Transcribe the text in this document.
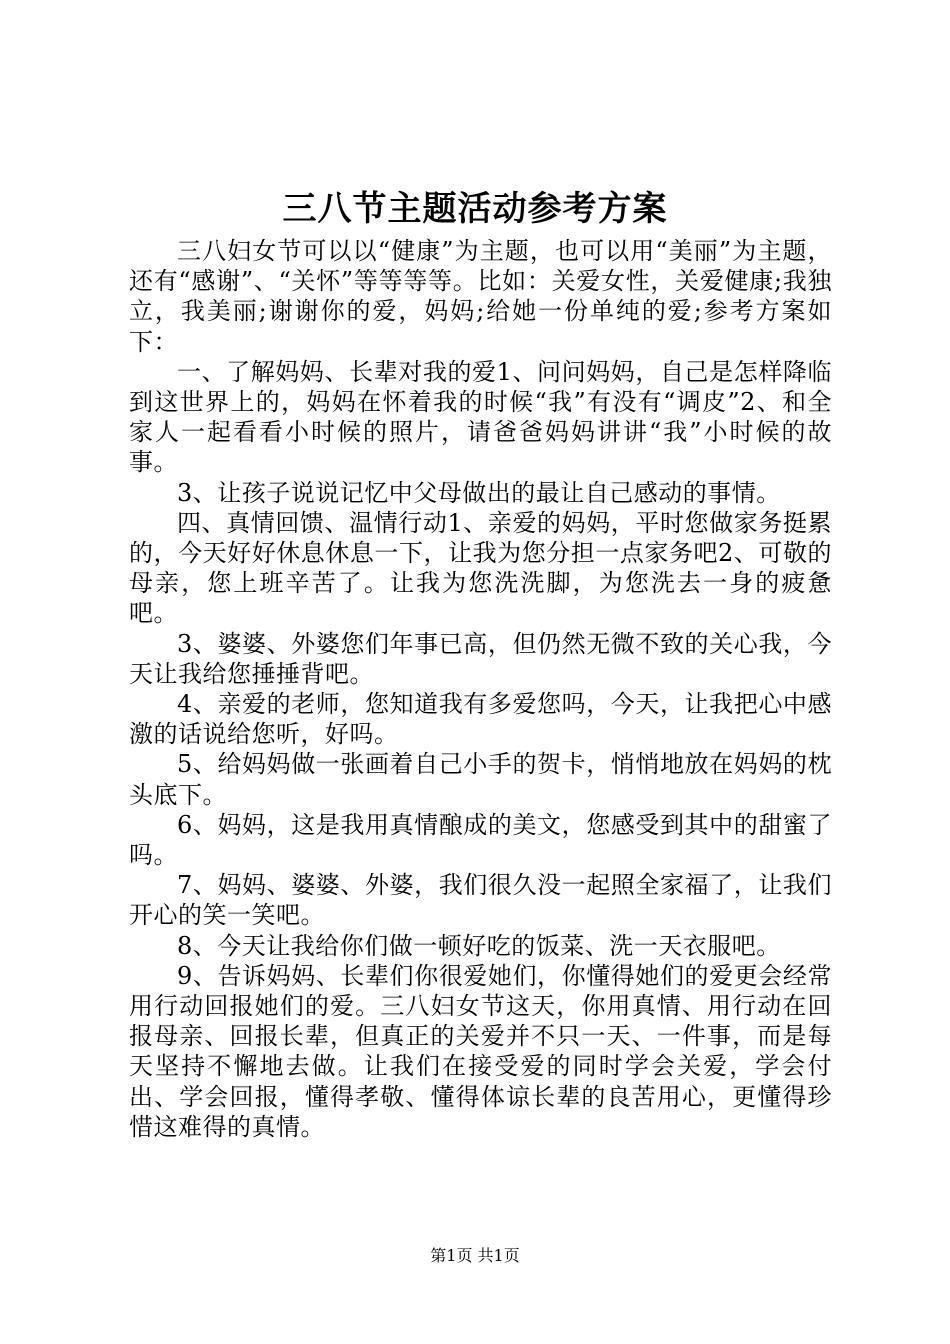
三八节主题活动参考方案

三八妇女节可以以“健康”为主题，也可以用“美丽”为主题，还有“感谢”、“关怀”等等等等。比如：关爱女性，关爱健康;我独立，我美丽;谢谢你的爱，妈妈;给她一份单纯的爱;参考方案如下：

一、了解妈妈、长辈对我的爱1、问问妈妈，自己是怎样降临到这世界上的，妈妈在怀着我的时候“我”有没有“调皮”2、和全家人一起看看小时候的照片，请爸爸妈妈讲讲“我”小时候的故事。

3、让孩子说说记忆中父母做出的最让自己感动的事情。

四、真情回馈、温情行动1、亲爱的妈妈，平时您做家务挺累的，今天好好休息休息一下，让我为您分担一点家务吧2、可敬的母亲，您上班辛苦了。让我为您洗洗脚，为您洗去一身的疲惫吧。

3、婆婆、外婆您们年事已高，但仍然无微不致的关心我，今天让我给您捶捶背吧。

4、亲爱的老师，您知道我有多爱您吗，今天，让我把心中感激的话说给您听，好吗。

5、给妈妈做一张画着自己小手的贺卡，悄悄地放在妈妈的枕头底下。

6、妈妈，这是我用真情酿成的美文，您感受到其中的甜蜜了吗。

7、妈妈、婆婆、外婆，我们很久没一起照全家福了，让我们开心的笑一笑吧。

8、今天让我给你们做一顿好吃的饭菜、洗一天衣服吧。

9、告诉妈妈、长辈们你很爱她们，你懂得她们的爱更会经常用行动回报她们的爱。三八妇女节这天，你用真情、用行动在回报母亲、回报长辈，但真正的关爱并不只一天、一件事，而是每天坚持不懈地去做。让我们在接受爱的同时学会关爱，学会付出、学会回报，懂得孝敬、懂得体谅长辈的良苦用心，更懂得珍惜这难得的真情。

第1页 共1页
